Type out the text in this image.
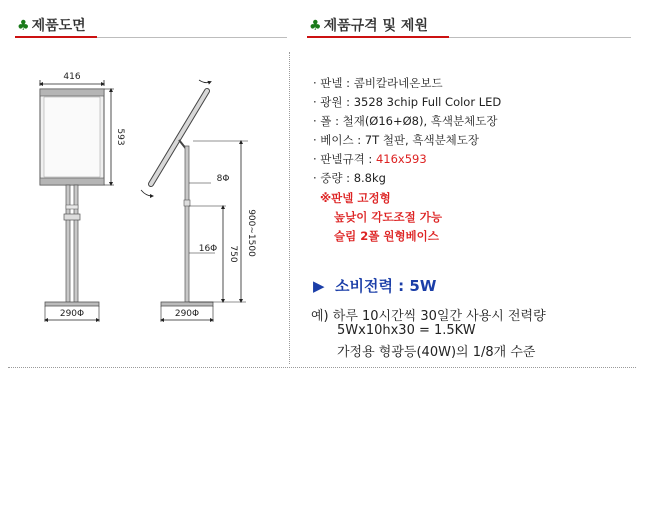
♣ 제품도면	♣ 제품규격 및 제원
416
593
290Φ
8Φ
16Φ 750 900~1500
290Φ
· 판넬 : 콤비칼라네온보드
· 광원 : 3528 3chip Full Color LED
· 폴 : 철재(Ø16+Ø8), 흑색분체도장
· 베이스 : 7T 철판, 흑색분체도장
· 판넬규격 : 416x593
· 중량 : 8.8kg
※판넬 고정형
높낮이 각도조절 가능
슬림 2폴 원형베이스
▶ 소비전력 : 5W
예) 하루 10시간씩 30일간 사용시 전력량
5Wx10hx30 = 1.5KW
가정용 형광등(40W)의 1/8개 수준
